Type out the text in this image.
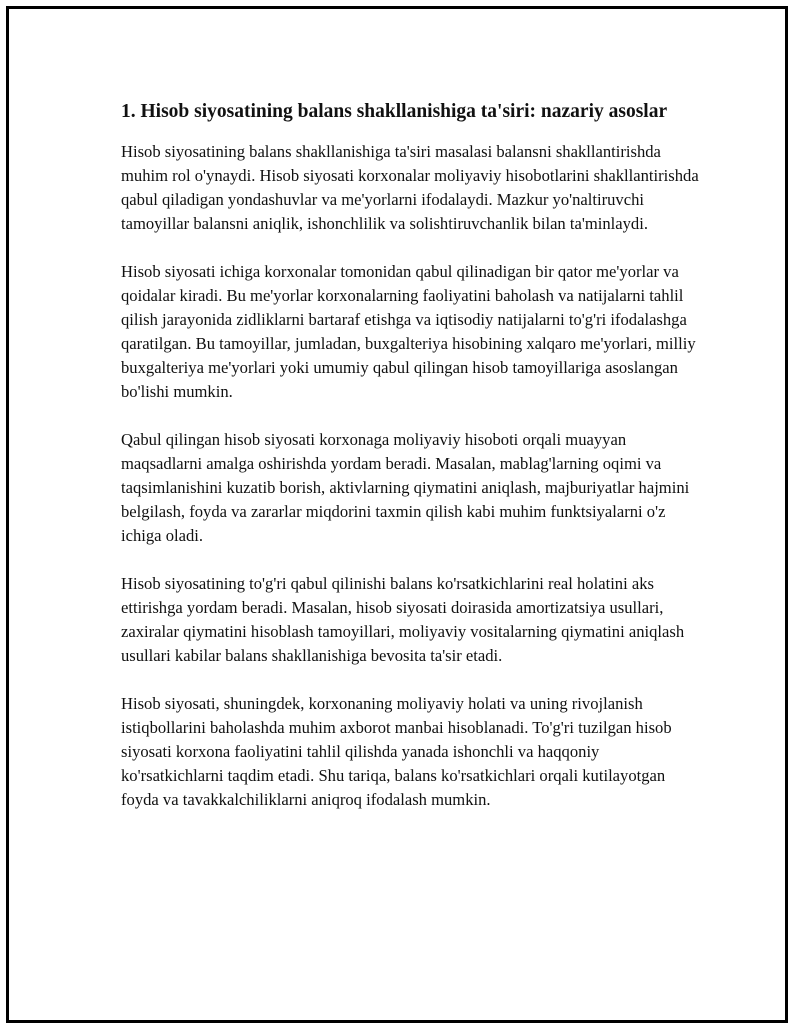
1. Hisob siyosatining balans shakllanishiga ta'siri: nazariy asoslar

Hisob siyosatining balans shakllanishiga ta'siri masalasi balansni shakllantirishda muhim rol o'ynaydi. Hisob siyosati korxonalar moliyaviy hisobotlarini shakllantirishda qabul qiladigan yondashuvlar va me'yorlarni ifodalaydi. Mazkur yo'naltiruvchi tamoyillar balansni aniqlik, ishonchlilik va solishtiruvchanlik bilan ta'minlaydi.

Hisob siyosati ichiga korxonalar tomonidan qabul qilinadigan bir qator me'yorlar va qoidalar kiradi. Bu me'yorlar korxonalarning faoliyatini baholash va natijalarni tahlil qilish jarayonida zidliklarni bartaraf etishga va iqtisodiy natijalarni to'g'ri ifodalashga qaratilgan. Bu tamoyillar, jumladan, buxgalteriya hisobining xalqaro me'yorlari, milliy buxgalteriya me'yorlari yoki umumiy qabul qilingan hisob tamoyillariga asoslangan bo'lishi mumkin.

Qabul qilingan hisob siyosati korxonaga moliyaviy hisoboti orqali muayyan maqsadlarni amalga oshirishda yordam beradi. Masalan, mablag'larning oqimi va taqsimlanishini kuzatib borish, aktivlarning qiymatini aniqlash, majburiyatlar hajmini belgilash, foyda va zararlar miqdorini taxmin qilish kabi muhim funktsiyalarni o'z ichiga oladi.

Hisob siyosatining to'g'ri qabul qilinishi balans ko'rsatkichlarini real holatini aks ettirishga yordam beradi. Masalan, hisob siyosati doirasida amortizatsiya usullari, zaxiralar qiymatini hisoblash tamoyillari, moliyaviy vositalarning qiymatini aniqlash usullari kabilar balans shakllanishiga bevosita ta'sir etadi.

Hisob siyosati, shuningdek, korxonaning moliyaviy holati va uning rivojlanish istiqbollarini baholashda muhim axborot manbai hisoblanadi. To'g'ri tuzilgan hisob siyosati korxona faoliyatini tahlil qilishda yanada ishonchli va haqqoniy ko'rsatkichlarni taqdim etadi. Shu tariqa, balans ko'rsatkichlari orqali kutilayotgan foyda va tavakkalchiliklarni aniqroq ifodalash mumkin.
